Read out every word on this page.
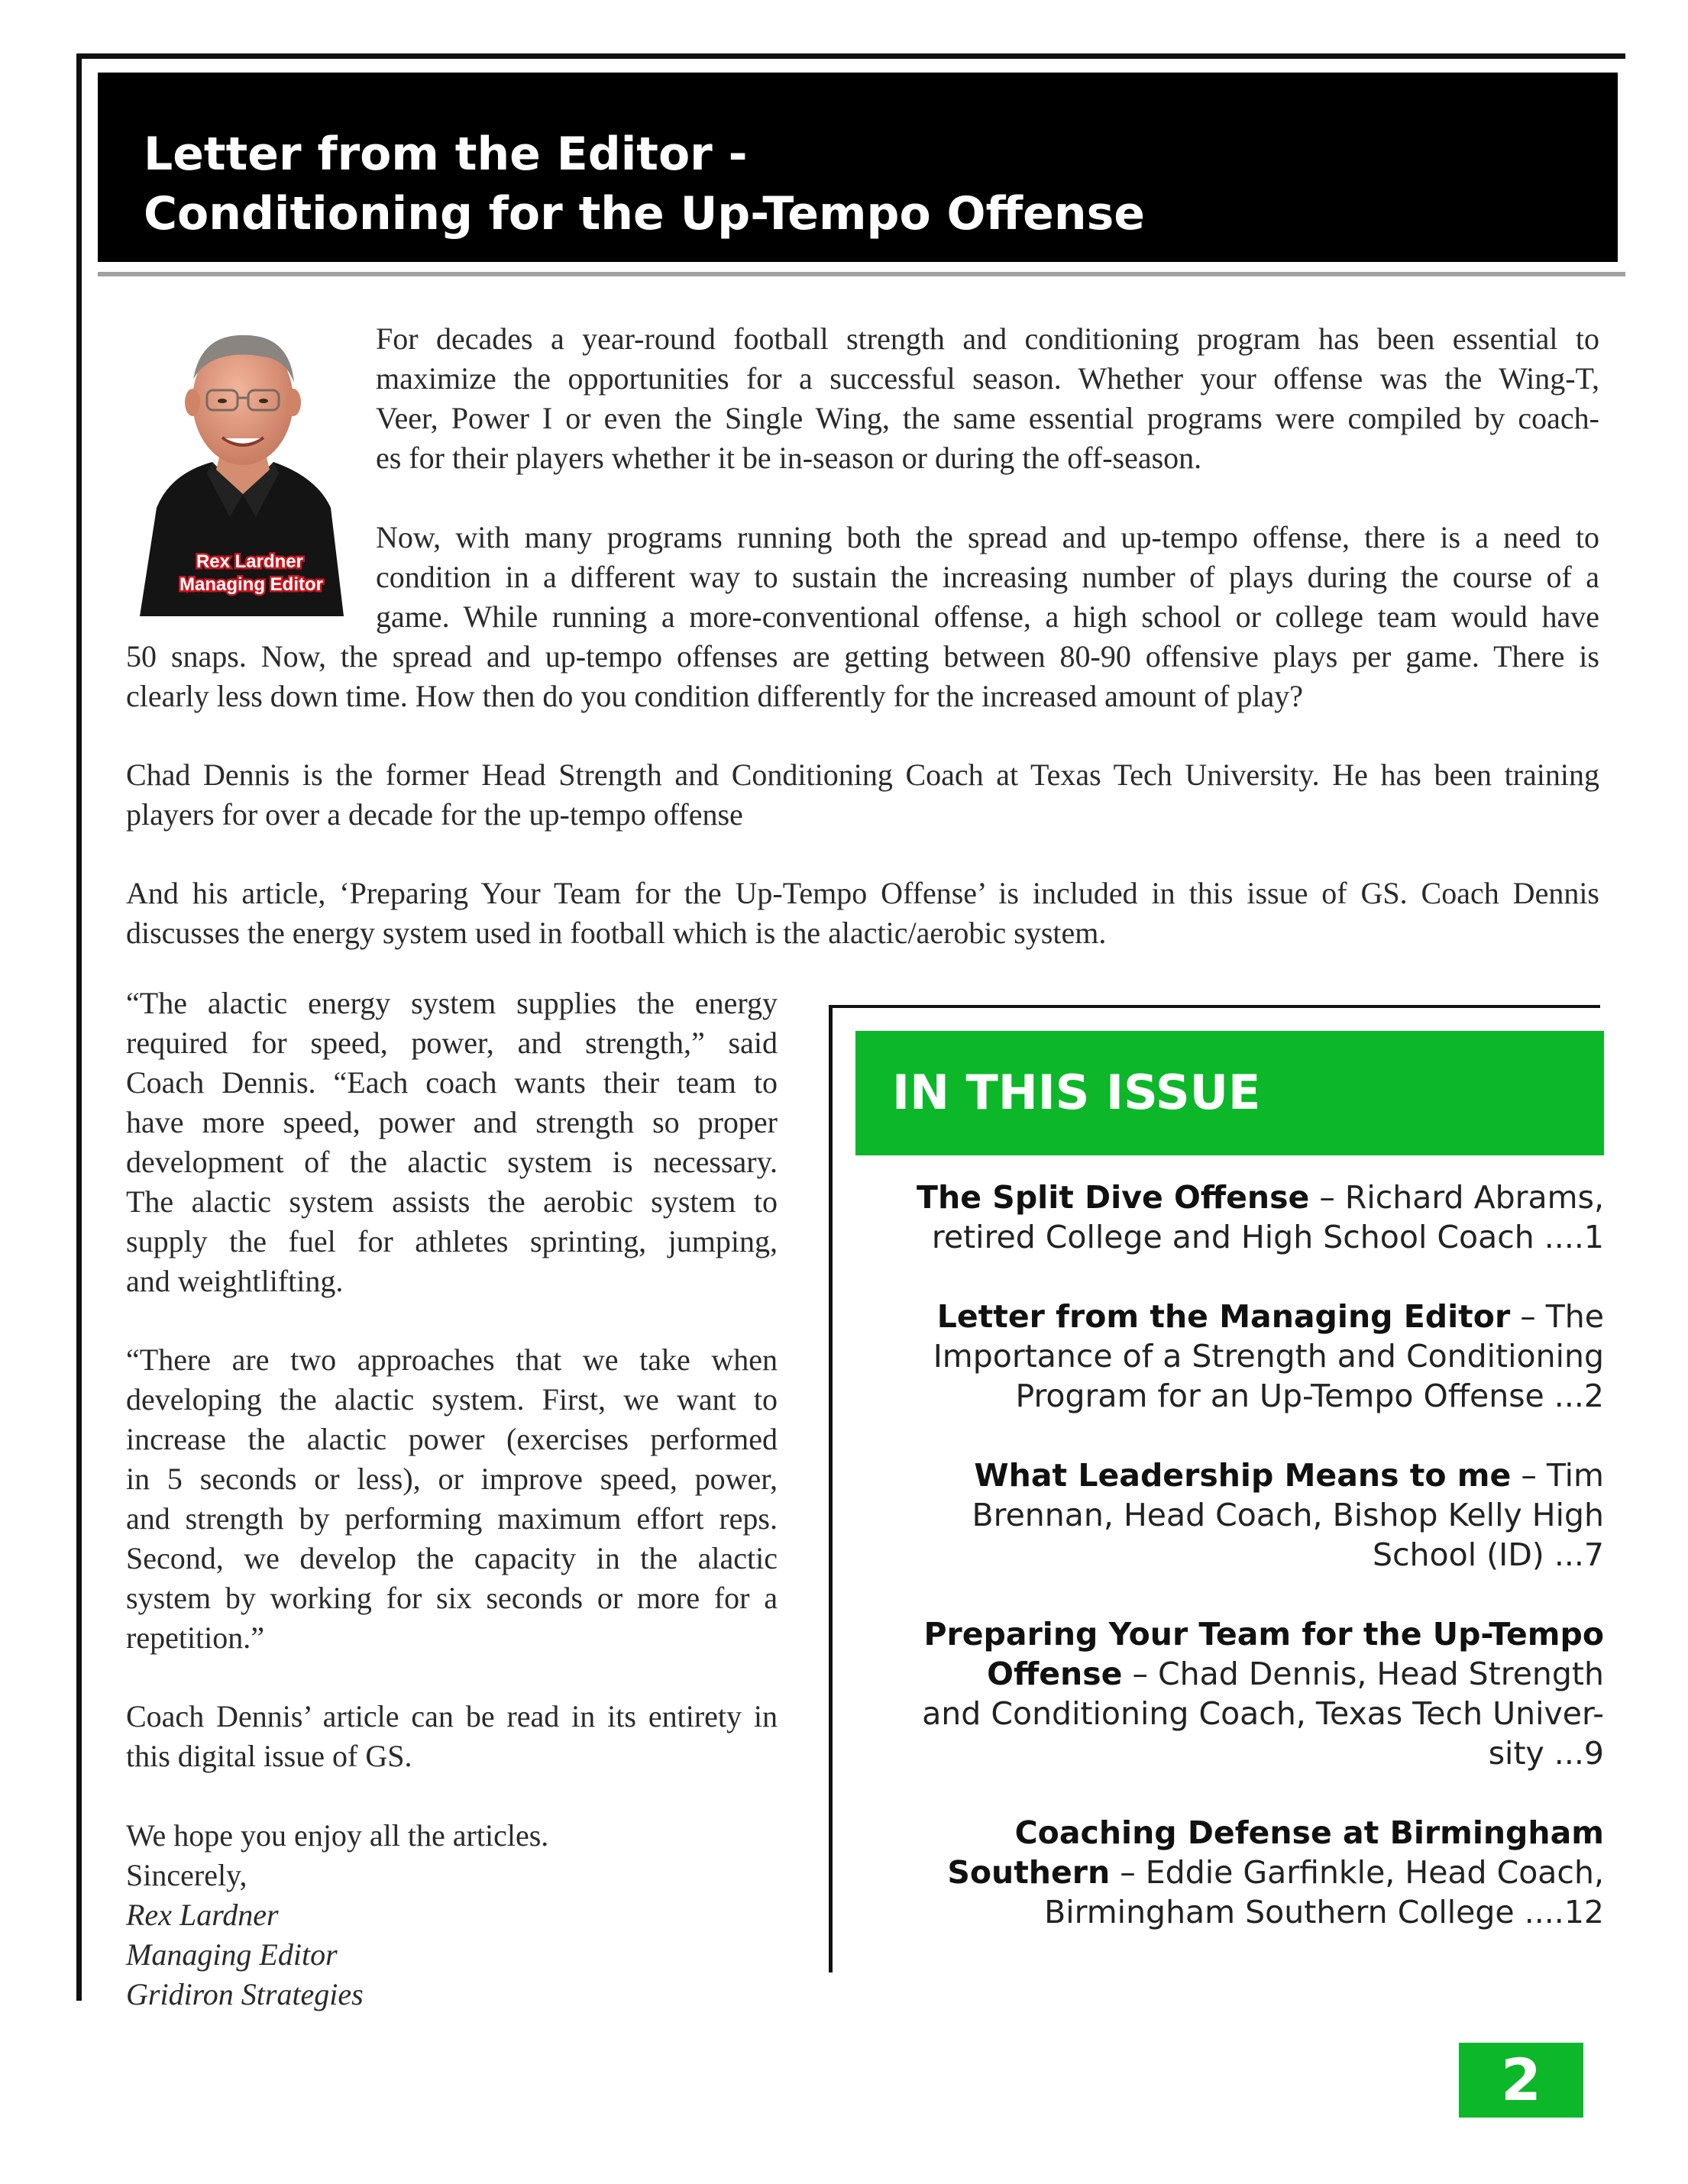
Letter from the Editor -
Conditioning for the Up-Tempo Offense
Rex Lardner
Managing Editor
For decades a year-round football strength and conditioning program has been essential to
maximize the opportunities for a successful season. Whether your offense was the Wing-T,
Veer, Power I or even the Single Wing, the same essential programs were compiled by coach-
es for their players whether it be in-season or during the off-season.
Now, with many programs running both the spread and up-tempo offense, there is a need to
condition in a different way to sustain the increasing number of plays during the course of a
game. While running a more-conventional offense, a high school or college team would have
50 snaps. Now, the spread and up-tempo offenses are getting between 80-90 offensive plays per game. There is
clearly less down time. How then do you condition differently for the increased amount of play?
Chad Dennis is the former Head Strength and Conditioning Coach at Texas Tech University. He has been training
players for over a decade for the up-tempo offense
And his article, ‘Preparing Your Team for the Up-Tempo Offense’ is included in this issue of GS. Coach Dennis
discusses the energy system used in football which is the alactic/aerobic system.
“The alactic energy system supplies the energy
required for speed, power, and strength,” said
Coach Dennis. “Each coach wants their team to
have more speed, power and strength so proper
development of the alactic system is necessary.
The alactic system assists the aerobic system to
supply the fuel for athletes sprinting, jumping,
and weightlifting.
“There are two approaches that we take when
developing the alactic system. First, we want to
increase the alactic power (exercises performed
in 5 seconds or less), or improve speed, power,
and strength by performing maximum effort reps.
Second, we develop the capacity in the alactic
system by working for six seconds or more for a
repetition.”
Coach Dennis’ article can be read in its entirety in
this digital issue of GS.
We hope you enjoy all the articles.
Sincerely,
Rex Lardner
Managing Editor
Gridiron Strategies
IN THIS ISSUE
The Split Dive Offense – Richard Abrams,
retired College and High School Coach ....1
Letter from the Managing Editor – The
Importance of a Strength and Conditioning
Program for an Up-Tempo Offense ...2
What Leadership Means to me – Tim
Brennan, Head Coach, Bishop Kelly High
School (ID) ...7
Preparing Your Team for the Up-Tempo
Offense – Chad Dennis, Head Strength
and Conditioning Coach, Texas Tech Univer-
sity ...9
Coaching Defense at Birmingham
Southern – Eddie Garfinkle, Head Coach,
Birmingham Southern College ....12
2
